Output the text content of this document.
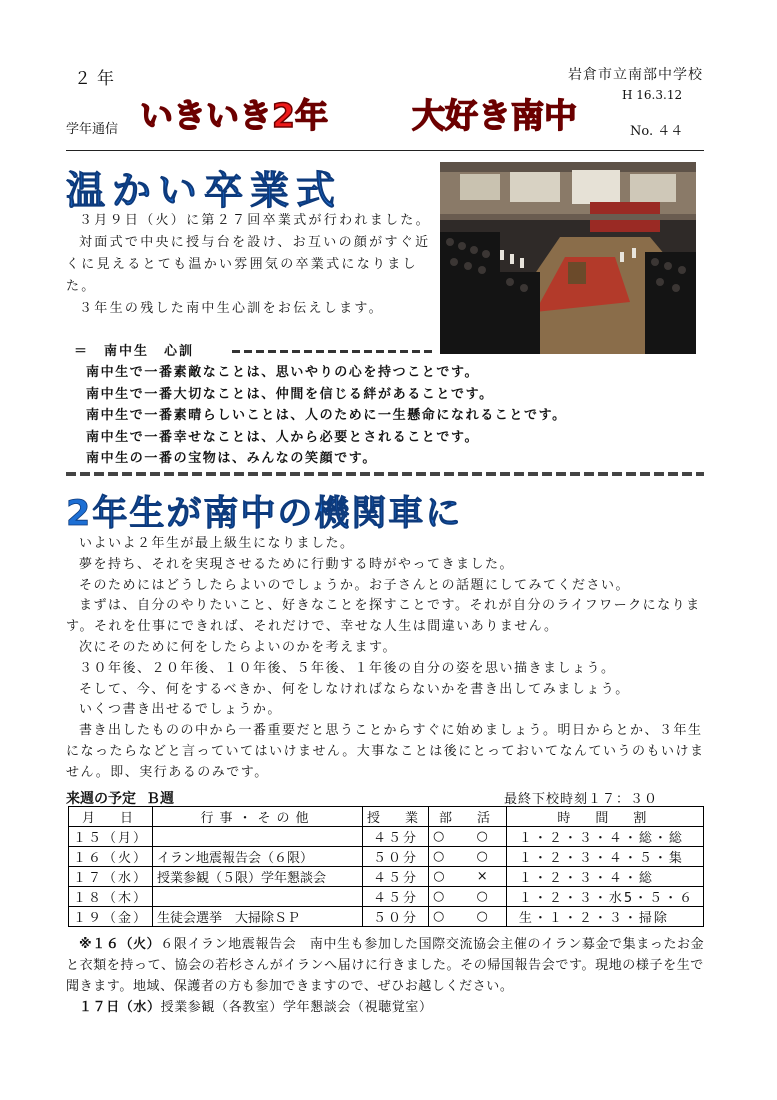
２年	岩倉市立南部中学校
H 16.3.12
学年通信 いきいき2年	大好き南中	No. ４４
温かい卒業式

３月９日（火）に第２７回卒業式が行われました。

対面式で中央に授与台を設け、お互いの顔がすぐ近くに見えるとても温かい雰囲気の卒業式になりました。

３年生の残した南中生心訓をお伝えします。

＝　南中生　心訓
南中生で一番素敵なことは、思いやりの心を持つことです。
南中生で一番大切なことは、仲間を信じる絆があることです。
南中生で一番素晴らしいことは、人のために一生懸命になれることです。
南中生で一番幸せなことは、人から必要とされることです。
南中生の一番の宝物は、みんなの笑顔です。
2年生が南中の機関車に

いよいよ２年生が最上級生になりました。

夢を持ち、それを実現させるために行動する時がやってきました。

そのためにはどうしたらよいのでしょうか。お子さんとの話題にしてみてください。

まずは、自分のやりたいこと、好きなことを探すことです。それが自分のライフワークになります。それを仕事にできれば、それだけで、幸せな人生は間違いありません。

次にそのために何をしたらよいのかを考えます。

３０年後、２０年後、１０年後、５年後、１年後の自分の姿を思い描きましょう。

そして、今、何をするべきか、何をしなければならないかを書き出してみましょう。

いくつ書き出せるでしょうか。

書き出したものの中から一番重要だと思うことからすぐに始めましょう。明日からとか、３年生になったらなどと言っていてはいけません。大事なことは後にとっておいてなんていうのもいけません。即、実行あるのみです。

来週の予定 Ｂ週	最終下校時刻１７：３０
月　日	行事・その他	授　業	部　活	時　間　割
１５（月）		４５分	○ ○	１・２・３・４・総・総
１６（火）	イラン地震報告会（６限）	５０分	○ ○	１・２・３・４・５・集
１７（水）	授業参観（５限）学年懇談会	４５分	○ ×	１・２・３・４・総
１８（木）		４５分	○ ○	１・２・３・水5・５・６
１９（金）	生徒会選挙　大掃除ＳＰ	５０分	○ ○	生・１・２・３・掃除

※１６（火）６限イラン地震報告会　南中生も参加した国際交流協会主催のイラン募金で集まったお金と衣類を持って、協会の若杉さんがイランへ届けに行きました。その帰国報告会です。現地の様子を生で聞きます。地域、保護者の方も参加できますので、ぜひお越しください。

１７日（水）授業参観（各教室）学年懇談会（視聴覚室）
